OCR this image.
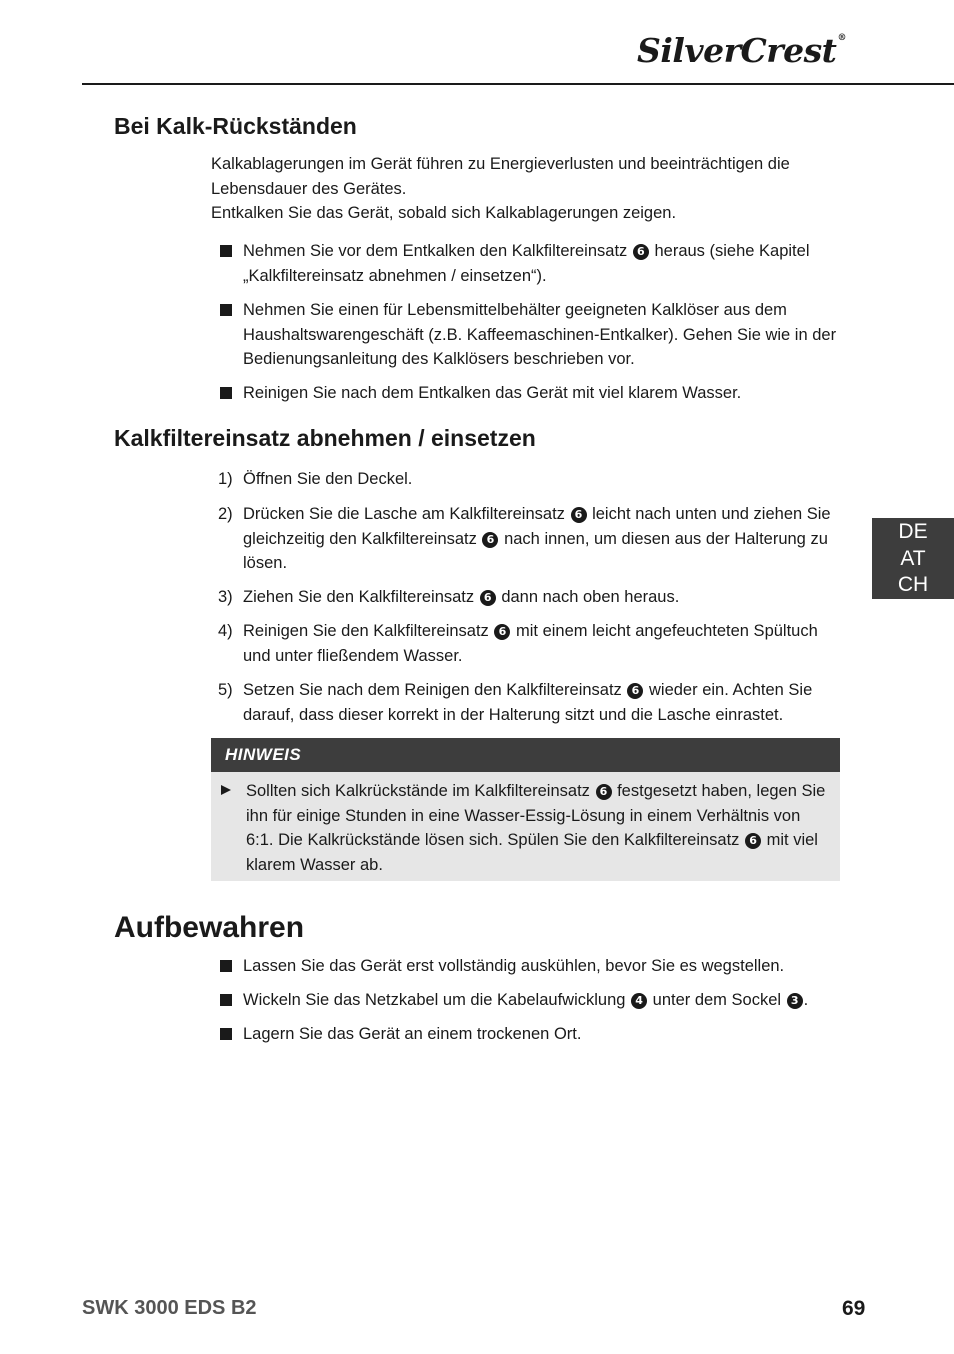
SilverCrest®
Bei Kalk-Rückständen

Kalkablagerungen im Gerät führen zu Energieverlusten und beeinträchtigen die Lebensdauer des Gerätes.

Entkalken Sie das Gerät, sobald sich Kalkablagerungen zeigen.

Nehmen Sie vor dem Entkalken den Kalkfiltereinsatz 6 heraus (siehe Kapitel „Kalkfiltereinsatz abnehmen / einsetzen“).
Nehmen Sie einen für Lebensmittelbehälter geeigneten Kalklöser aus dem Haushaltswarengeschäft (z.B. Kaffeemaschinen-Entkalker). Gehen Sie wie in der Bedienungsanleitung des Kalklösers beschrieben vor.
Reinigen Sie nach dem Entkalken das Gerät mit viel klarem Wasser.
Kalkfiltereinsatz abnehmen / einsetzen
1) Öffnen Sie den Deckel.
2) Drücken Sie die Lasche am Kalkfiltereinsatz 6 leicht nach unten und ziehen Sie gleichzeitig den Kalkfiltereinsatz 6 nach innen, um diesen aus der Halterung zu lösen.
3) Ziehen Sie den Kalkfiltereinsatz 6 dann nach oben heraus.
4) Reinigen Sie den Kalkfiltereinsatz 6 mit einem leicht angefeuchteten Spültuch und unter fließendem Wasser.
5) Setzen Sie nach dem Reinigen den Kalkfiltereinsatz 6 wieder ein. Achten Sie darauf, dass dieser korrekt in der Halterung sitzt und die Lasche einrastet.
HINWEIS
Sollten sich Kalkrückstände im Kalkfiltereinsatz 6 festgesetzt haben, legen Sie ihn für einige Stunden in eine Wasser-Essig-Lösung in einem Verhältnis von 6:1. Die Kalkrückstände lösen sich. Spülen Sie den Kalkfiltereinsatz 6 mit viel klarem Wasser ab.
Aufbewahren
Lassen Sie das Gerät erst vollständig auskühlen, bevor Sie es wegstellen.
Wickeln Sie das Netzkabel um die Kabelaufwicklung 4 unter dem Sockel 3 .
Lagern Sie das Gerät an einem trockenen Ort.
DE
AT
CH
SWK 3000 EDS B2	69
